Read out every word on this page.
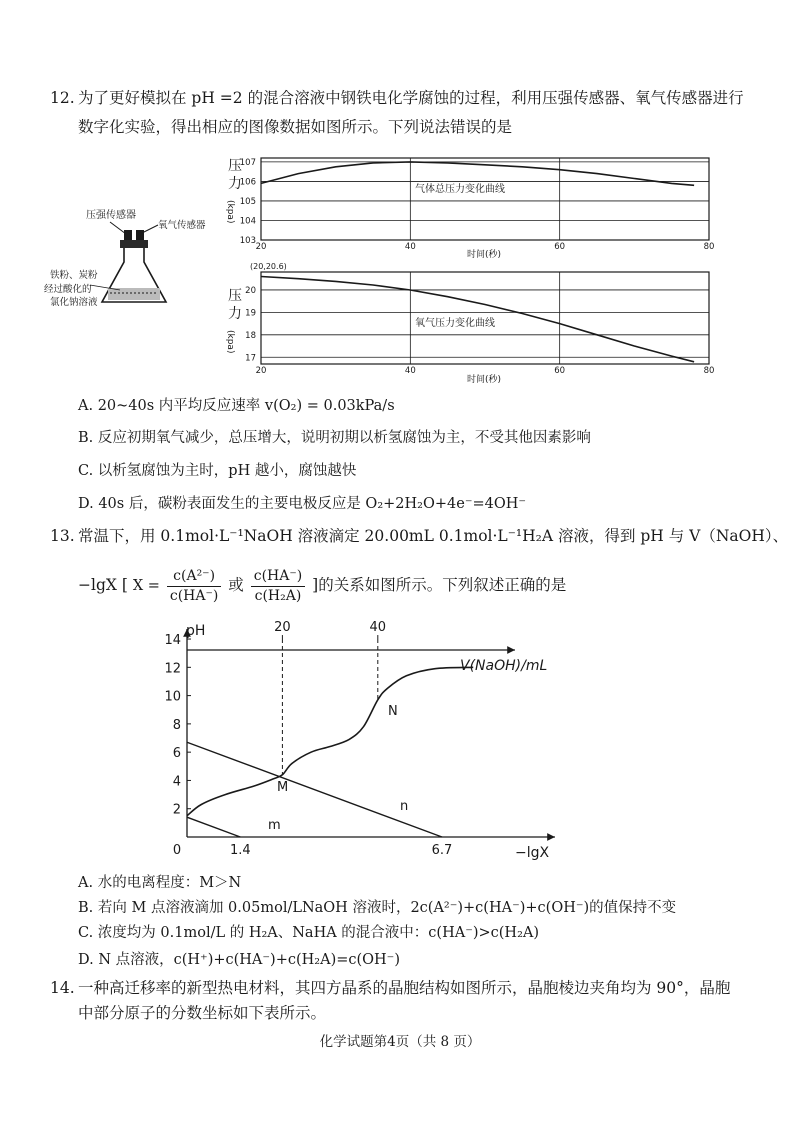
12. 为了更好模拟在 pH =2 的混合溶液中钢铁电化学腐蚀的过程，利用压强传感器、氧气传感器进行
数字化实验，得出相应的图像数据如图所示。下列说法错误的是
压强传感器
氧气传感器
铁粉、炭粉
经过酸化的
氯化钠溶液
压
力
(kpa)
103
104
105
106
107
20	40	60	80
气体总压力变化曲线
时间(秒)
(20,20.6)
压
力
(kpa)
17
18
19
20
20	40	60	80
氧气压力变化曲线
时间(秒)
A. 20~40s 内平均反应速率 v(O₂) = 0.03kPa/s
B. 反应初期氧气减少，总压增大，说明初期以析氢腐蚀为主，不受其他因素影响
C. 以析氢腐蚀为主时，pH 越小，腐蚀越快
D. 40s 后，碳粉表面发生的主要电极反应是 O₂+2H₂O+4e⁻=4OH⁻
13. 常温下，用 0.1mol·L⁻¹NaOH 溶液滴定 20.00mL 0.1mol·L⁻¹H₂A 溶液，得到 pH 与 V（NaOH）、
−lgX [ $X = \frac{\text{c(A²⁻)}}{c(HA^-)}$ 或 $\frac{c(HA^-)}{\text{c(H₂A)}}$ ]的关系如图所示。下列叙述正确的是
pH
V(NaOH)/mL
−lgX
2
4
6
8
10
12
14
20	40
0	1.4	6.7
M
N
m
n
A. 水的电离程度：M＞N
B. 若向 M 点溶液滴加 0.05mol/LNaOH 溶液时，2c(A²⁻)+c(HA⁻)+c(OH⁻)的值保持不变
C. 浓度均为 0.1mol/L 的 H₂A、NaHA 的混合液中：c(HA⁻)>c(H₂A)
D. N 点溶液，c(H⁺)+c(HA⁻)+c(H₂A)=c(OH⁻)
14. 一种高迁移率的新型热电材料，其四方晶系的晶胞结构如图所示，晶胞棱边夹角均为 90°，晶胞
中部分原子的分数坐标如下表所示。
化学试题第4页（共 8 页）
